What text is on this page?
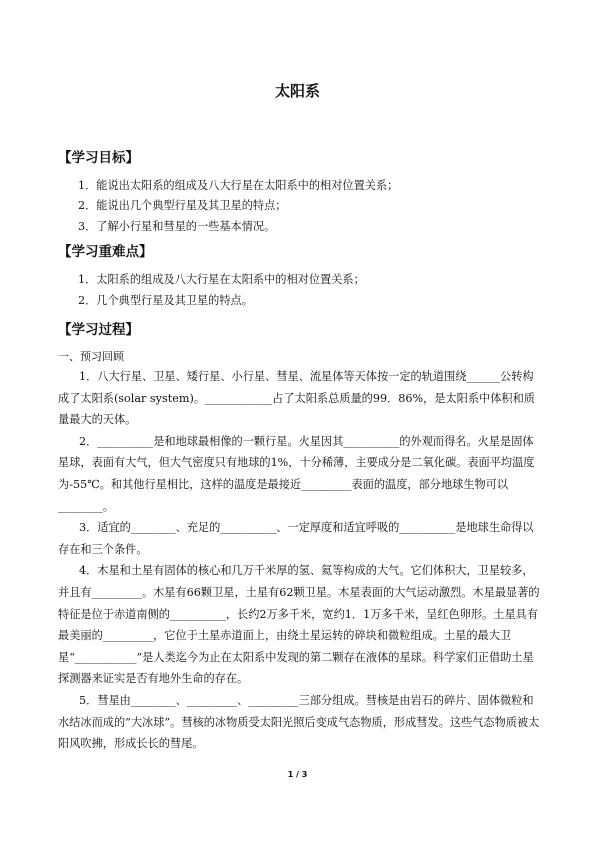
太阳系
【学习目标】
1．能说出太阳系的组成及八大行星在太阳系中的相对位置关系；
2．能说出几个典型行星及其卫星的特点；
3．了解小行星和彗星的一些基本情况。
【学习重难点】
1．太阳系的组成及八大行星在太阳系中的相对位置关系；
2．几个典型行星及其卫星的特点。
【学习过程】
一、预习回顾

1．八大行星、卫星、矮行星、小行星、彗星、流星体等天体按一定的轨道围绕______公转构成了太阳系(solar system)。____________占了太阳系总质量的99．86%，是太阳系中体积和质量最大的天体。

2．__________是和地球最相像的一颗行星。火星因其__________的外观而得名。火星是固体星球，表面有大气，但大气密度只有地球的1%，十分稀薄，主要成分是二氧化碳。表面平均温度为-55℃。和其他行星相比，这样的温度是最接近_________表面的温度，部分地球生物可以________。

3．适宜的________、充足的__________、一定厚度和适宜呼吸的__________是地球生命得以存在和三个条件。

4．木星和土星有固体的核心和几万千米厚的氢、氦等构成的大气。它们体积大，卫星较多，并且有_________。木星有66颗卫星，土星有62颗卫星。木星表面的大气运动激烈。木星最显著的特征是位于赤道南侧的__________，长约2万多千米，宽约1．1万多千米，呈红色卵形。土星具有最美丽的_________，它位于土星赤道面上，由绕土星运转的碎块和微粒组成。土星的最大卫星“___________”是人类迄今为止在太阳系中发现的第二颗存在液体的星球。科学家们正借助土星探测器来证实是否有地外生命的存在。

5．彗星由________、_________、_________三部分组成。彗核是由岩石的碎片、固体微粒和水结冰而成的“大冰球”。彗核的冰物质受太阳光照后变成气态物质，形成彗发。这些气态物质被太阳风吹拂，形成长长的彗尾。

1 / 3
